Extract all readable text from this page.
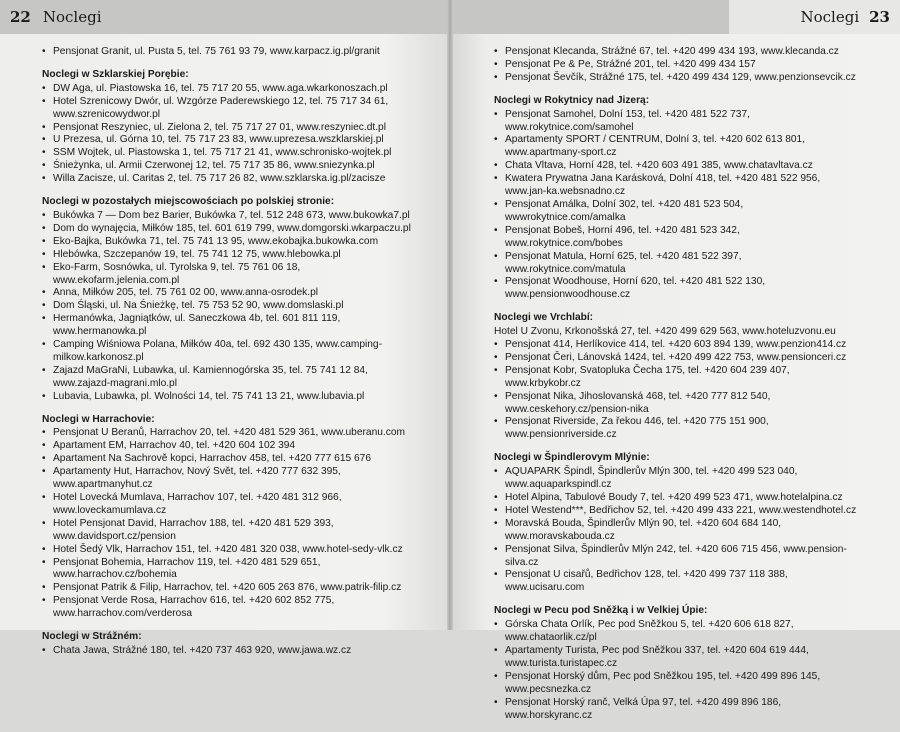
22 Noclegi
• Pensjonat Granit, ul. Pusta 5, tel. 75 761 93 79, www.karpacz.ig.pl/granit
Noclegi w Szklarskiej Porębie:
• DW Aga, ul. Piastowska 16, tel. 75 717 20 55, www.aga.wkarkonoszach.pl
• Hotel Szrenicowy Dwór, ul. Wzgórze Paderewskiego 12, tel. 75 717 34 61, www.szrenicowydwor.pl
• Pensjonat Reszyniec, ul. Zielona 2, tel. 75 717 27 01, www.reszyniec.dt.pl
• U Prezesa, ul. Górna 10, tel. 75 717 23 83, www.uprezesa.wszklarskiej.pl
• SSM Wojtek, ul. Piastowska 1, tel. 75 717 21 41, www.schronisko-wojtek.pl
• Śnieżynka, ul. Armii Czerwonej 12, tel. 75 717 35 86, www.sniezynka.pl
• Willa Zacisze, ul. Caritas 2, tel. 75 717 26 82, www.szklarska.ig.pl/zacisze
Noclegi w pozostałych miejscowościach po polskiej stronie:
• Bukówka 7 — Dom bez Barier, Bukówka 7, tel. 512 248 673, www.bukowka7.pl
• Dom do wynajęcia, Miłków 185, tel. 601 619 799, www.domgorski.wkarpaczu.pl
• Eko-Bajka, Bukówka 71, tel. 75 741 13 95, www.ekobajka.bukowka.com
• Hlebówka, Szczepanów 19, tel. 75 741 12 75, www.hlebowka.pl
• Eko-Farm, Sosnówka, ul. Tyrolska 9, tel. 75 761 06 18, www.ekofarm.jelenia.com.pl
• Anna, Miłków 205, tel. 75 761 02 00, www.anna-osrodek.pl
• Dom Śląski, ul. Na Śnieżkę, tel. 75 753 52 90, www.domslaski.pl
• Hermanówka, Jagniątków, ul. Saneczkowa 4b, tel. 601 811 119, www.hermanowka.pl
• Camping Wiśniowa Polana, Miłków 40a, tel. 692 430 135, www.camping-milkow.karkonosz.pl
• Zajazd MaGraNi, Lubawka, ul. Kamiennogórska 35, tel. 75 741 12 84, www.zajazd-magrani.mlo.pl
• Lubavia, Lubawka, pl. Wolności 14, tel. 75 741 13 21, www.lubavia.pl
Noclegi w Harrachovie:
• Pensjonat U Beranů, Harrachov 20, tel. +420 481 529 361, www.uberanu.com
• Apartament EM, Harrachov 40, tel. +420 604 102 394
• Apartament Na Sachrově kopci, Harrachov 458, tel. +420 777 615 676
• Apartamenty Hut, Harrachov, Nový Svět, tel. +420 777 632 395, www.apartmanyhut.cz
• Hotel Lovecká Mumlava, Harrachov 107, tel. +420 481 312 966, www.loveckamumlava.cz
• Hotel Pensjonat David, Harrachov 188, tel. +420 481 529 393, www.davidsport.cz/pension
• Hotel Šedý Vlk, Harrachov 151, tel. +420 481 320 038, www.hotel-sedy-vlk.cz
• Pensjonat Bohemia, Harrachov 119, tel. +420 481 529 651, www.harrachov.cz/bohemia
• Pensjonat Patrik & Filip, Harrachov, tel. +420 605 263 876, www.patrik-filip.cz
• Pensjonat Verde Rosa, Harrachov 616, tel. +420 602 852 775, www.harrachov.com/verderosa
Noclegi w Strážném:
• Chata Jawa, Strážné 180, tel. +420 737 463 920, www.jawa.wz.cz
Noclegi 23
• Pensjonat Klecanda, Strážné 67, tel. +420 499 434 193, www.klecanda.cz
• Pensjonat Pe & Pe, Strážné 201, tel. +420 499 434 157
• Pensjonat Ševčík, Strážné 175, tel. +420 499 434 129, www.penzionsevcik.cz
Noclegi w Rokytnicy nad Jizerą:
• Pensjonat Samohel, Dolní 153, tel. +420 481 522 737, www.rokytnice.com/samohel
• Apartamenty SPORT / CENTRUM, Dolní 3, tel. +420 602 613 801, www.apartmany-sport.cz
• Chata Vltava, Horní 428, tel. +420 603 491 385, www.chatavltava.cz
• Kwatera Prywatna Jana Karásková, Dolní 418, tel. +420 481 522 956, www.jan-ka.websnadno.cz
• Pensjonat Amálka, Dolní 302, tel. +420 481 523 504, wwwrokytnice.com/amalka
• Pensjonat Bobeš, Horní 496, tel. +420 481 523 342, www.rokytnice.com/bobes
• Pensjonat Matula, Horní 625, tel. +420 481 522 397, www.rokytnice.com/matula
• Pensjonat Woodhouse, Horní 620, tel. +420 481 522 130, www.pensionwoodhouse.cz
Noclegi we Vrchlabí:
Hotel U Zvonu, Krkonošská 27, tel. +420 499 629 563, www.hoteluzvonu.eu
• Pensjonat 414, Herlíkovice 414, tel. +420 603 894 139, www.penzion414.cz
• Pensjonat Čeri, Lánovská 1424, tel. +420 499 422 753, www.pensionceri.cz
• Pensjonat Kobr, Svatopluka Čecha 175, tel. +420 604 239 407, www.krbykobr.cz
• Pensjonat Nika, Jihoslovanská 468, tel. +420 777 812 540, www.ceskehory.cz/pension-nika
• Pensjonat Riverside, Za řekou 446, tel. +420 775 151 900, www.pensionriverside.cz
Noclegi w Špindlerovym Mlýnie:
• AQUAPARK Špindl, Špindlerův Mlýn 300, tel. +420 499 523 040, www.aquaparkspindl.cz
• Hotel Alpina, Tabulové Boudy 7, tel. +420 499 523 471, www.hotelalpina.cz
• Hotel Westend***, Bedřichov 52, tel. +420 499 433 221, www.westendhotel.cz
• Moravská Bouda, Špindlerův Mlýn 90, tel. +420 604 684 140, www.moravskabouda.cz
• Pensjonat Silva, Špindlerův Mlýn 242, tel. +420 606 715 456, www.pension-silva.cz
• Pensjonat U cisařů, Bedřichov 128, tel. +420 499 737 118 388, www.ucisaru.com
Noclegi w Pecu pod Sněžką i w Velkiej Úpie:
• Górska Chata Orlík, Pec pod Sněžkou 5, tel. +420 606 618 827, www.chataorlik.cz/pl
• Apartamenty Turista, Pec pod Sněžkou 337, tel. +420 604 619 444, www.turista.turistapec.cz
• Pensjonat Horský dům, Pec pod Sněžkou 195, tel. +420 499 896 145, www.pecsnezka.cz
• Pensjonat Horský ranč, Velká Úpa 97, tel. +420 499 896 186, www.horskyranc.cz
